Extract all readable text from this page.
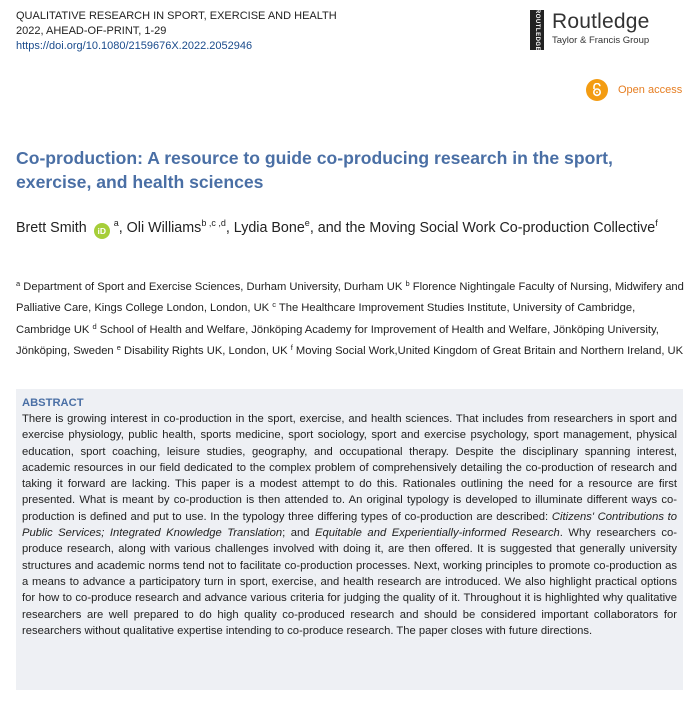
QUALITATIVE RESEARCH IN SPORT, EXERCISE AND HEALTH
2022, AHEAD-OF-PRINT, 1-29
https://doi.org/10.1080/2159676X.2022.2052946	ROUTLEDGE Routledge
Taylor & Francis Group
Open access
Co-production: A resource to guide co-producing research in the sport, exercise, and health sciences
Brett Smith iD $^a$, Oli Williams$^{b ,c ,d}$, Lydia Bone$^e$, and the Moving Social Work Co-production Collective$^f$
$^a$ Department of Sport and Exercise Sciences, Durham University, Durham UK $^b$ Florence Nightingale Faculty of Nursing, Midwifery and Palliative Care, Kings College London, London, UK $^c$ The Healthcare Improvement Studies Institute, University of Cambridge, Cambridge UK $^d$ School of Health and Welfare, Jönköping Academy for Improvement of Health and Welfare, Jönköping University, Jönköping, Sweden $^e$ Disability Rights UK, London, UK $^f$ Moving Social Work,United Kingdom of Great Britain and Northern Ireland, UK
ABSTRACT

There is growing interest in co-production in the sport, exercise, and health sciences. That includes from researchers in sport and exercise physiology, public health, sports medicine, sport sociology, sport and exercise psychology, sport management, physical education, sport coaching, leisure studies, geography, and occupational therapy. Despite the disciplinary spanning interest, academic resources in our field dedicated to the complex problem of comprehensively detailing the co-production of research and taking it forward are lacking. This paper is a modest attempt to do this. Rationales outlining the need for a resource are first presented. What is meant by co-production is then attended to. An original typology is developed to illuminate different ways co-production is defined and put to use. In the typology three differing types of co-production are described: Citizens' Contributions to Public Services; Integrated Knowledge Translation; and Equitable and Experientially-informed Research. Why researchers co-produce research, along with various challenges involved with doing it, are then offered. It is suggested that generally university structures and academic norms tend not to facilitate co-production processes. Next, working principles to promote co-production as a means to advance a participatory turn in sport, exercise, and health research are introduced. We also highlight practical options for how to co-produce research and advance various criteria for judging the quality of it. Throughout it is highlighted why qualitative researchers are well prepared to do high quality co-produced research and should be considered important collaborators for researchers without qualitative expertise intending to co-produce research. The paper closes with future directions.
